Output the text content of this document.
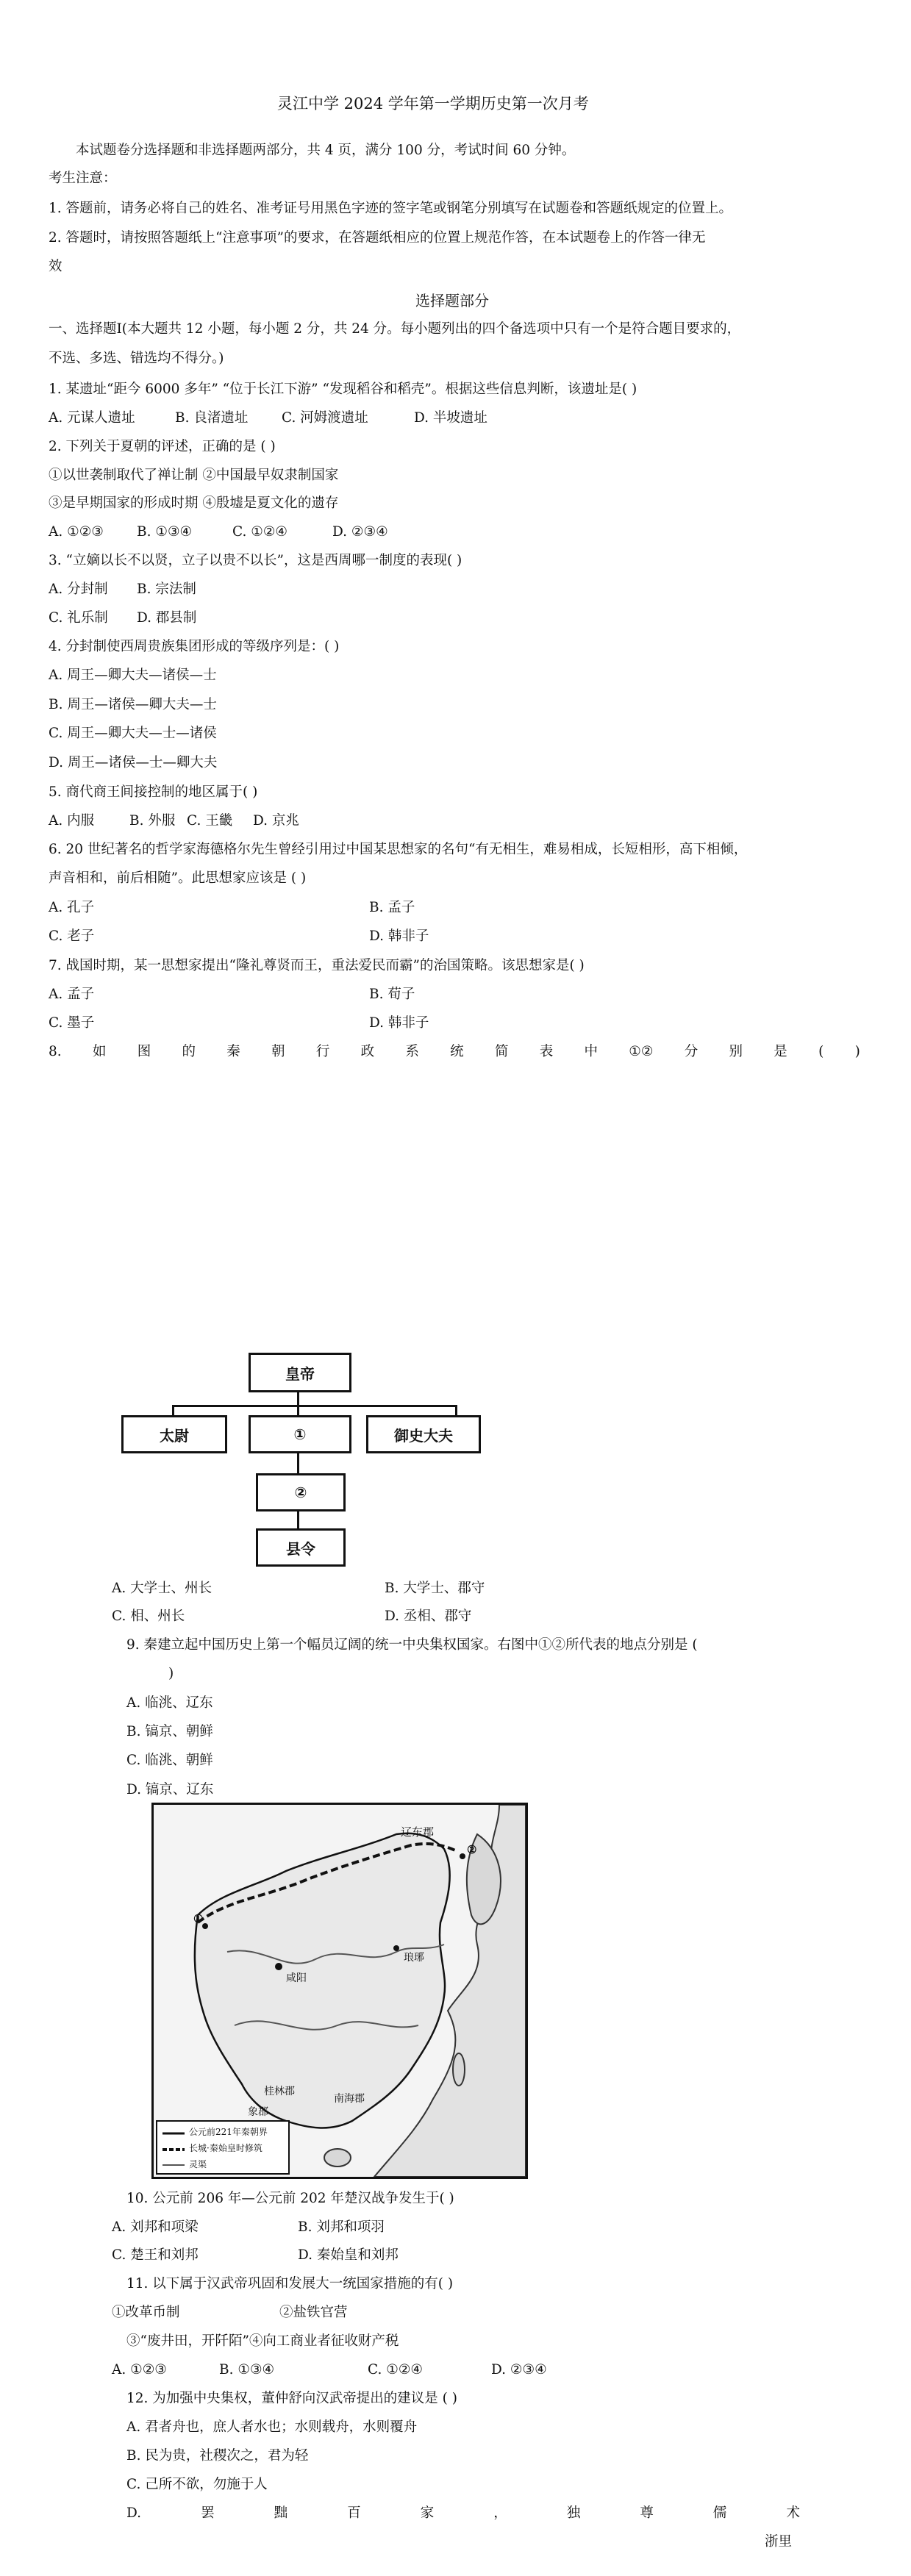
灵江中学 2024 学年第一学期历史第一次月考
本试题卷分选择题和非选择题两部分，共 4 页，满分 100 分，考试时间 60 分钟。
考生注意：
1. 答题前，请务必将自己的姓名、准考证号用黑色字迹的签字笔或钢笔分别填写在试题卷和答题纸规定的位置上。
2. 答题时，请按照答题纸上“注意事项”的要求，在答题纸相应的位置上规范作答，在本试题卷上的作答一律无
效
选择题部分
一、选择题Ⅰ(本大题共 12 小题，每小题 2 分，共 24 分。每小题列出的四个备选项中只有一个是符合题目要求的，
不选、多选、错选均不得分。)
1. 某遗址“距今 6000 多年” “位于长江下游” “发现稻谷和稻壳”。根据这些信息判断，该遗址是( )
A. 元谋人遗址	B. 良渚遗址 C. 河姆渡遗址	D. 半坡遗址
2. 下列关于夏朝的评述，正确的是 ( )
①以世袭制取代了禅让制 ②中国最早奴隶制国家
③是早期国家的形成时期 ④殷墟是夏文化的遗存
A. ①②③ B. ①③④	C. ①②④	D. ②③④
3. “立嫡以长不以贤，立子以贵不以长”，这是西周哪一制度的表现( )
A. 分封制 B. 宗法制
C. 礼乐制 D. 郡县制
4. 分封制使西周贵族集团形成的等级序列是：( )
A. 周王—卿大夫—诸侯—士
B. 周王—诸侯—卿大夫—士
C. 周王—卿大夫—士—诸侯
D. 周王—诸侯—士—卿大夫
5. 商代商王间接控制的地区属于( )
A. 内服	B. 外服 C. 王畿 D. 京兆
6. 20 世纪著名的哲学家海德格尔先生曾经引用过中国某思想家的名句“有无相生，难易相成，长短相形，高下相倾，
声音相和，前后相随”。此思想家应该是 ( )
A. 孔子	B. 孟子
C. 老子	D. 韩非子
7. 战国时期，某一思想家提出“隆礼尊贤而王，重法爱民而霸”的治国策略。该思想家是( )
A. 孟子	B. 荀子
C. 墨子	D. 韩非子
8. 如 图 的 秦 朝 行 政 系 统 简 表 中 ①② 分 别 是 ( )
皇帝
太尉	①	御史大夫
②
县令
A. 大学士、州长	B. 大学士、郡守
C. 相、州长	D. 丞相、郡守
9. 秦建立起中国历史上第一个幅员辽阔的统一中央集权国家。右图中①②所代表的地点分别是 (
)
A. 临洮、辽东
B. 镐京、朝鲜
C. 临洮、朝鲜
D. 镐京、辽东
辽东郡
咸阳
琅琊
桂林郡
南海郡
象郡
①
②
公元前221年秦朝界
长城·秦始皇时修筑
灵渠
10. 公元前 206 年—公元前 202 年楚汉战争发生于( )
A. 刘邦和项梁	B. 刘邦和项羽
C. 楚王和刘邦	D. 秦始皇和刘邦
11. 以下属于汉武帝巩固和发展大一统国家措施的有( )
①改革币制	②盐铁官营
③“废井田，开阡陌”④向工商业者征收财产税
A. ①②③	B. ①③④	C. ①②④	D. ②③④
12. 为加强中央集权，董仲舒向汉武帝提出的建议是 ( )
A. 君者舟也，庶人者水也；水则载舟，水则覆舟
B. 民为贵，社稷次之，君为轻
C. 己所不欲，勿施于人
D.	罢	黜	百	家	，	独	尊	儒	术
浙里
